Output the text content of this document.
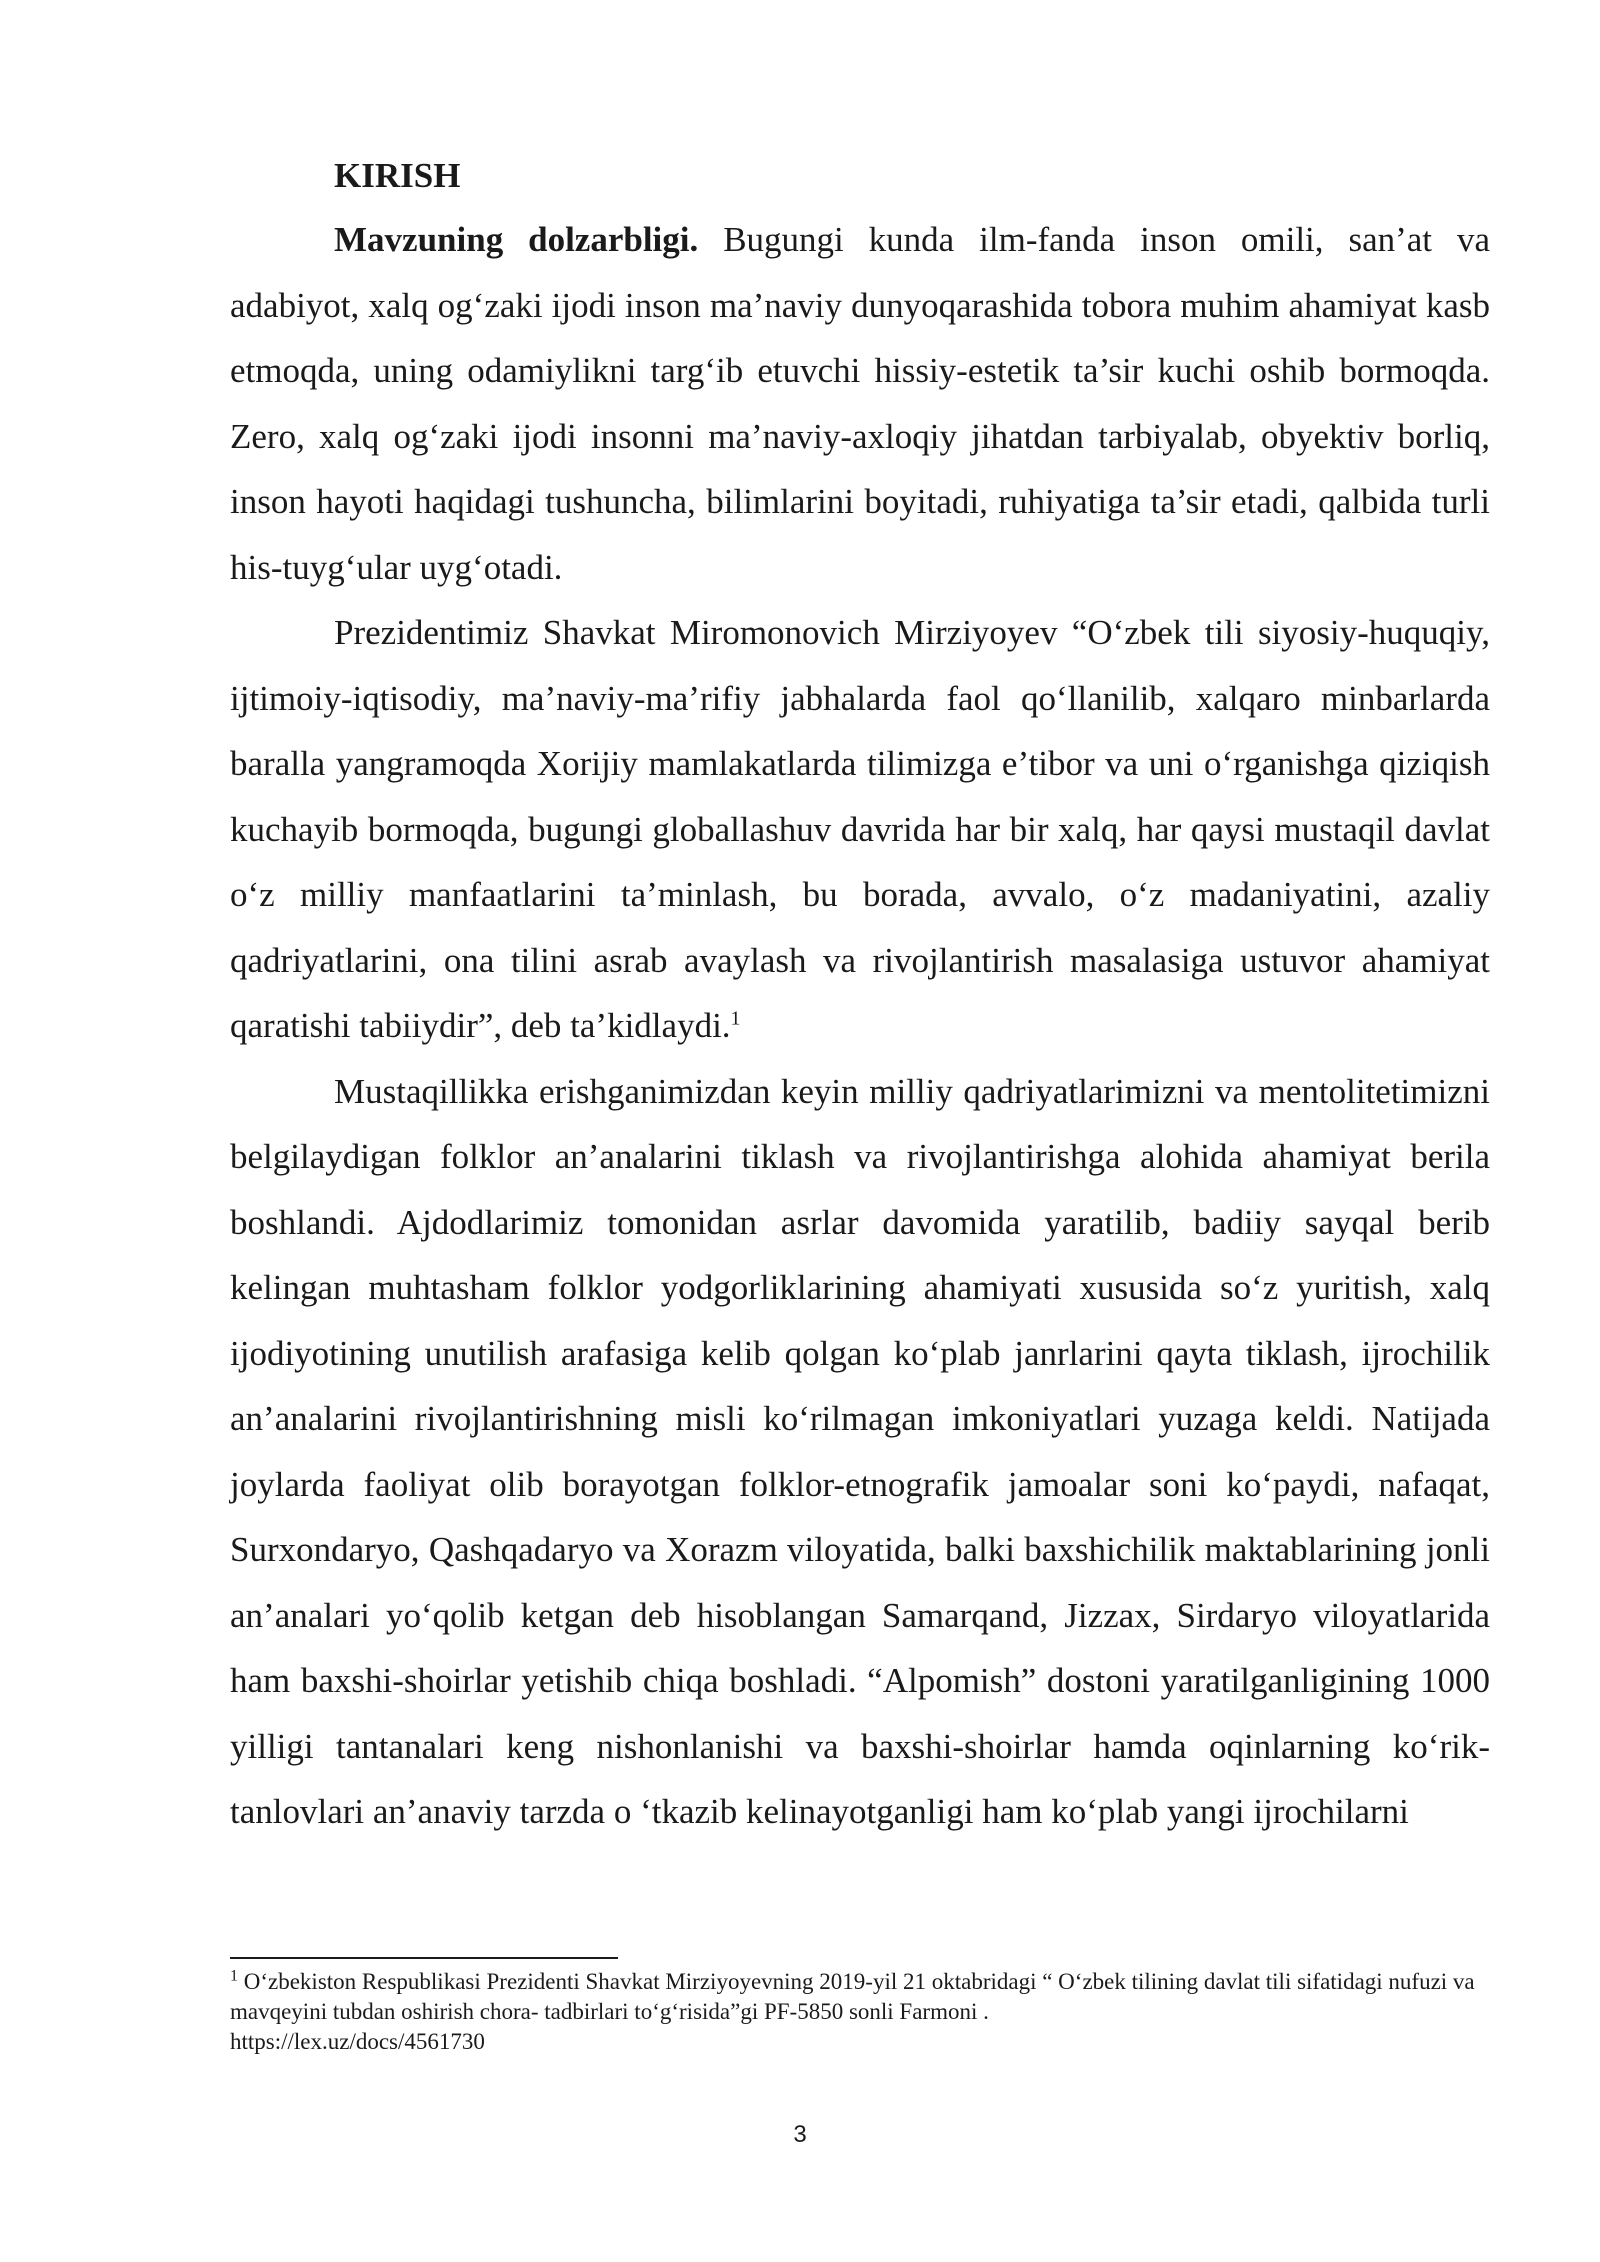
KIRISH

Mavzuning dolzarbligi. Bugungi kunda ilm-fanda inson omili, san’at va adabiyot, xalq og‘zaki ijodi inson ma’naviy dunyoqarashida tobora muhim ahamiyat kasb etmoqda, uning odamiylikni targ‘ib etuvchi hissiy-estetik ta’sir kuchi oshib bormoqda. Zero, xalq og‘zaki ijodi insonni ma’naviy-axloqiy jihatdan tarbiyalab, obyektiv borliq, inson hayoti haqidagi tushuncha, bilimlarini boyitadi, ruhiyatiga ta’sir etadi, qalbida turli his-tuyg‘ular uyg‘otadi.

Prezidentimiz Shavkat Miromonovich Mirziyoyev “O‘zbek tili siyosiy-huquqiy, ijtimoiy-iqtisodiy, ma’naviy-ma’rifiy jabhalarda faol qo‘llanilib, xalqaro minbarlarda baralla yangramoqda Xorijiy mamlakatlarda tilimizga e’tibor va uni o‘rganishga qiziqish kuchayib bormoqda, bugungi globallashuv davrida har bir xalq, har qaysi mustaqil davlat o‘z milliy manfaatlarini ta’minlash, bu borada, avvalo, o‘z madaniyatini, azaliy qadriyatlarini, ona tilini asrab avaylash va rivojlantirish masalasiga ustuvor ahamiyat qaratishi tabiiydir”, deb ta’kidlaydi.$^1$

Mustaqillikka erishganimizdan keyin milliy qadriyatlarimizni va mentolitetimizni belgilaydigan folklor an’analarini tiklash va rivojlantirishga alohida ahamiyat berila boshlandi. Ajdodlarimiz tomonidan asrlar davomida yaratilib, badiiy sayqal berib kelingan muhtasham folklor yodgorliklarining ahamiyati xususida so‘z yuritish, xalq ijodiyotining unutilish arafasiga kelib qolgan ko‘plab janrlarini qayta tiklash, ijrochilik an’analarini rivojlantirishning misli ko‘rilmagan imkoniyatlari yuzaga keldi. Natijada joylarda faoliyat olib borayotgan folklor-etnografik jamoalar soni ko‘paydi, nafaqat, Surxondaryo, Qashqadaryo va Xorazm viloyatida, balki baxshichilik maktablarining jonli an’analari yo‘qolib ketgan deb hisoblangan Samarqand, Jizzax, Sirdaryo viloyatlarida ham baxshi-shoirlar yetishib chiqa boshladi. “Alpomish” dostoni yaratilganligining 1000 yilligi tantanalari keng nishonlanishi va baxshi-shoirlar hamda oqinlarning ko‘rik-tanlovlari an’anaviy tarzda o ‘tkazib kelinayotganligi ham ko‘plab yangi ijrochilarni

$^1$ O‘zbekiston Respublikasi Prezidenti Shavkat Mirziyoyevning 2019-yil 21 oktabridagi “ O‘zbek tilining davlat tili sifatidagi nufuzi va mavqeyini tubdan oshirish chora- tadbirlari to‘g‘risida”gi PF-5850 sonli Farmoni .
https://lex.uz/docs/4561730

3
